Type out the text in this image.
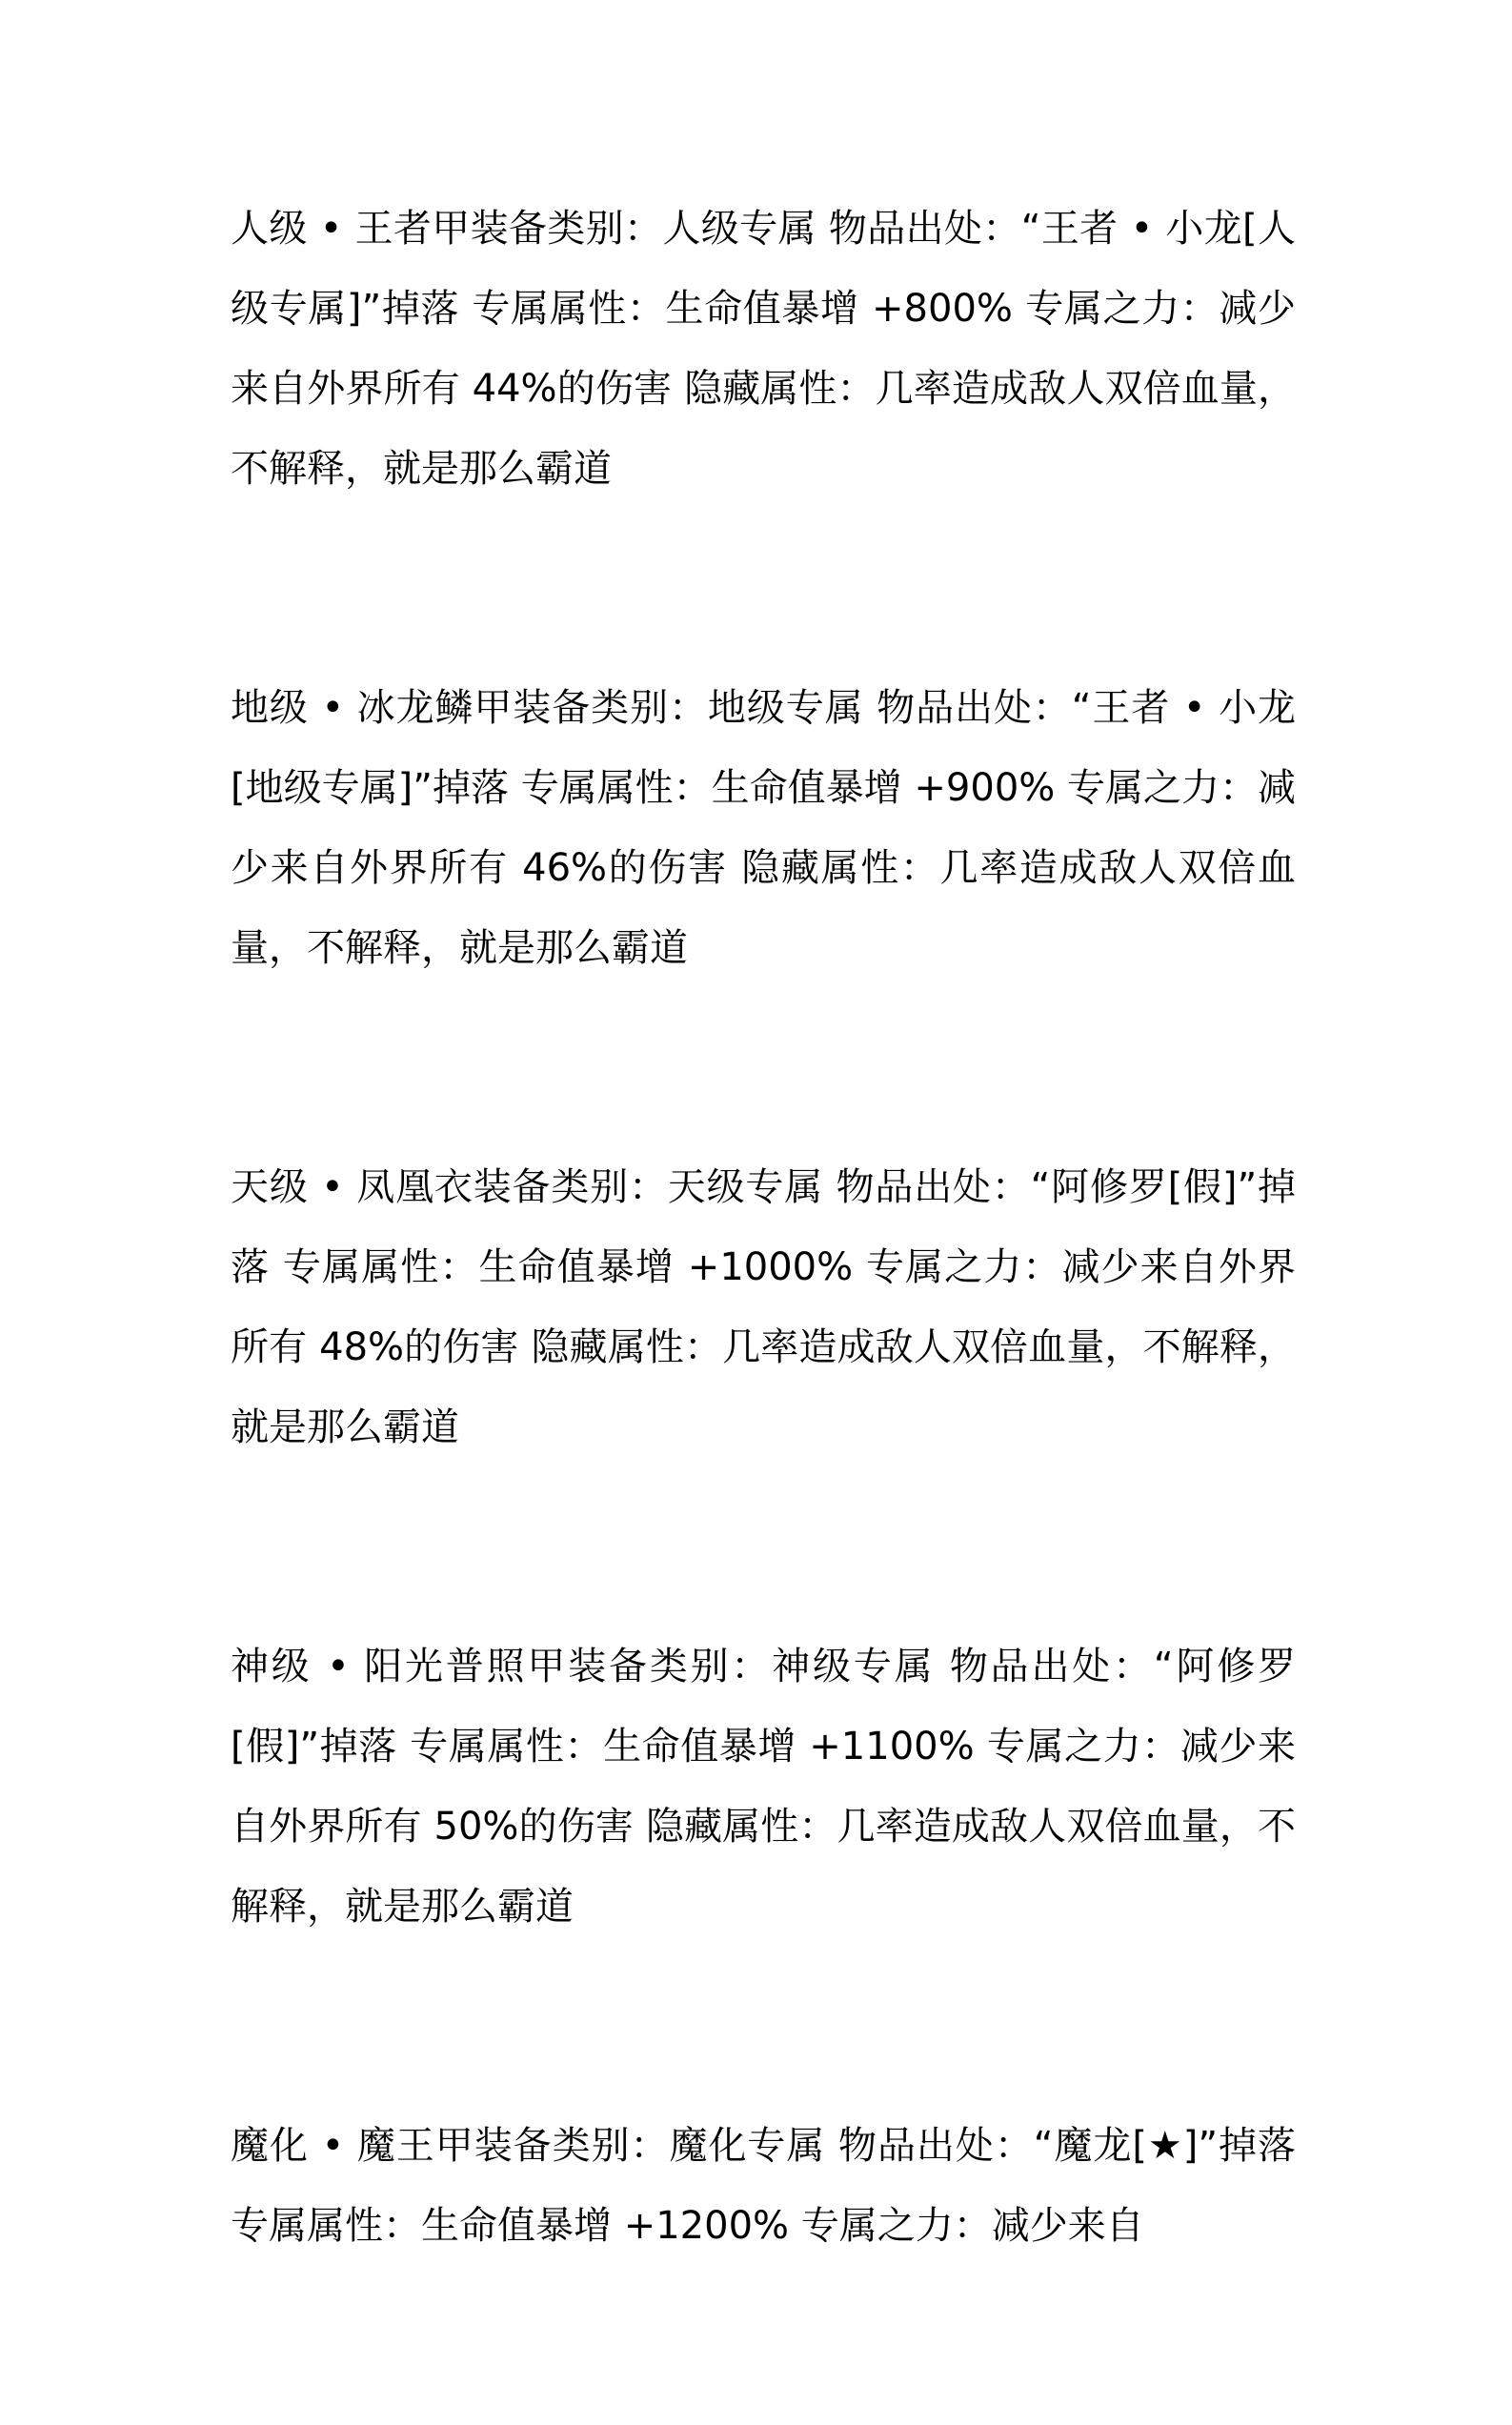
人级 • 王者甲装备类别：人级专属 物品出处：“王者 • 小龙[人级专属]”掉落 专属属性：生命值暴增 +800% 专属之力：减少来自外界所有 44%的伤害 隐藏属性：几率造成敌人双倍血量，不解释，就是那么霸道

地级 • 冰龙鳞甲装备类别：地级专属 物品出处：“王者 • 小龙[地级专属]”掉落 专属属性：生命值暴增 +900% 专属之力：减少来自外界所有 46%的伤害 隐藏属性：几率造成敌人双倍血量，不解释，就是那么霸道

天级 • 凤凰衣装备类别：天级专属 物品出处：“阿修罗[假]”掉落 专属属性：生命值暴增 +1000% 专属之力：减少来自外界所有 48%的伤害 隐藏属性：几率造成敌人双倍血量，不解释，就是那么霸道

神级 • 阳光普照甲装备类别：神级专属 物品出处：“阿修罗[假]”掉落 专属属性：生命值暴增 +1100% 专属之力：减少来自外界所有 50%的伤害 隐藏属性：几率造成敌人双倍血量，不解释，就是那么霸道

魔化 • 魔王甲装备类别：魔化专属 物品出处：“魔龙[★]”掉落 专属属性：生命值暴增 +1200% 专属之力：减少来自
